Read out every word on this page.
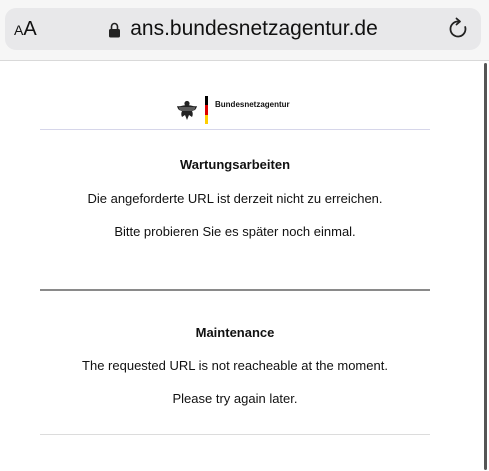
AA	ans.bundesnetzagentur.de
Bundesnetzagentur
Wartungsarbeiten
Die angeforderte URL ist derzeit nicht zu erreichen.
Bitte probieren Sie es später noch einmal.
Maintenance
The requested URL is not reacheable at the moment.
Please try again later.
